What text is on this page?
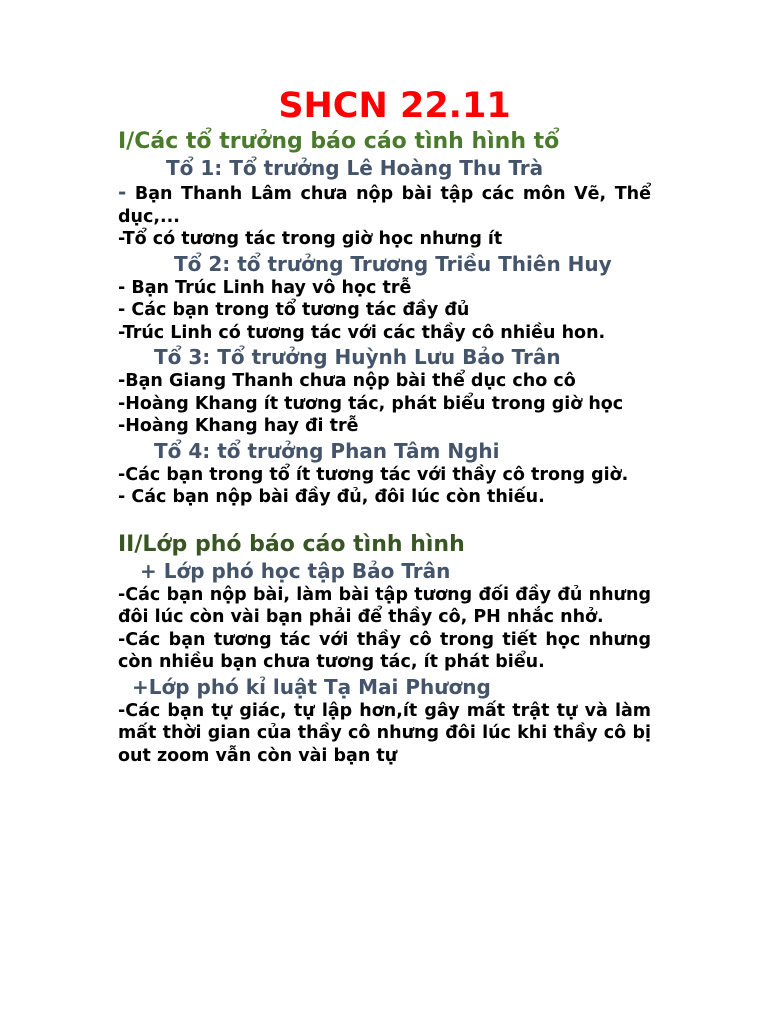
SHCN 22.11

I/Các tổ trưởng báo cáo tình hình tổ

Tổ 1: Tổ trưởng Lê Hoàng Thu Trà

- Bạn Thanh Lâm chưa nộp bài tập các môn Vẽ, Thể dục,...

-Tổ có tương tác trong giờ học nhưng ít

Tổ 2: tổ trưởng Trương Triều Thiên Huy

- Bạn Trúc Linh hay vô học trễ

- Các bạn trong tổ tương tác đầy đủ

-Trúc Linh có tương tác với các thầy cô nhiều hon.

Tổ 3: Tổ trưởng Huỳnh Lưu Bảo Trân

-Bạn Giang Thanh chưa nộp bài thể dục cho cô

-Hoàng Khang ít tương tác, phát biểu trong giờ học

-Hoàng Khang hay đi trễ

Tổ 4: tổ trưởng Phan Tâm Nghi

-Các bạn trong tổ ít tương tác với thầy cô trong giờ.

- Các bạn nộp bài đầy đủ, đôi lúc còn thiếu.

II/Lớp phó báo cáo tình hình

+ Lớp phó học tập Bảo Trân

-Các bạn nộp bài, làm bài tập tương đối đầy đủ nhưng đôi lúc còn vài bạn phải để thầy cô, PH nhắc nhở.

-Các bạn tương tác với thầy cô trong tiết học nhưng còn nhiều bạn chưa tương tác, ít phát biểu.

+Lớp phó kỉ luật Tạ Mai Phương

-Các bạn tự giác, tự lập hơn,ít gây mất trật tự và làm mất thời gian của thầy cô nhưng đôi lúc khi thầy cô bị out zoom vẫn còn vài bạn tự
